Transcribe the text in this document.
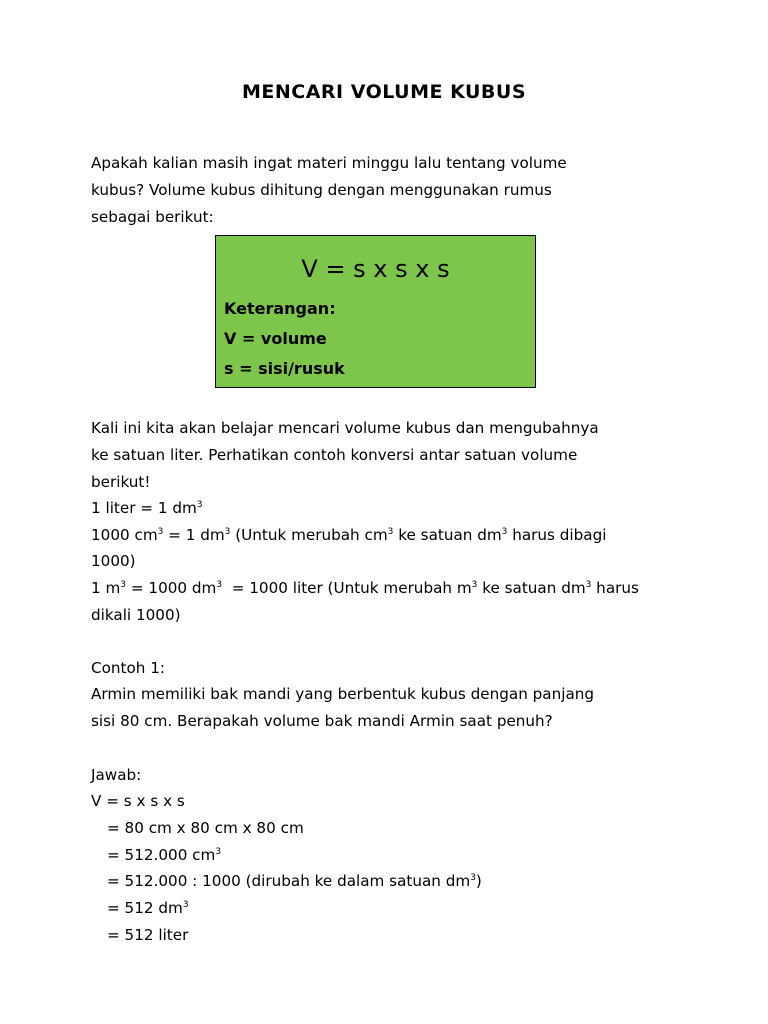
MENCARI VOLUME KUBUS
Apakah kalian masih ingat materi minggu lalu tentang volume
kubus? Volume kubus dihitung dengan menggunakan rumus
sebagai berikut:
V = s x s x s
Keterangan:
V = volume
s = sisi/rusuk
Kali ini kita akan belajar mencari volume kubus dan mengubahnya
ke satuan liter. Perhatikan contoh konversi antar satuan volume
berikut!
1 liter = 1 $dm^3$
1000 $cm^3 = 1$ $dm^3$ (Untuk merubah $cm^3$ ke satuan $dm^3$ harus dibagi
1000)
1 $m^3 = 1000$ $dm^3 = 1000$ liter (Untuk merubah $m^3$ ke satuan $dm^3$ harus
dikali 1000)
Contoh 1:
Armin memiliki bak mandi yang berbentuk kubus dengan panjang
sisi 80 cm. Berapakah volume bak mandi Armin saat penuh?
Jawab:
V = s x s x s
= 80 cm x 80 cm x 80 cm
= 512.000 $cm^3$
= 512.000 : 1000 (dirubah ke dalam satuan $dm^3$)
= 512 $dm^3$
= 512 liter
